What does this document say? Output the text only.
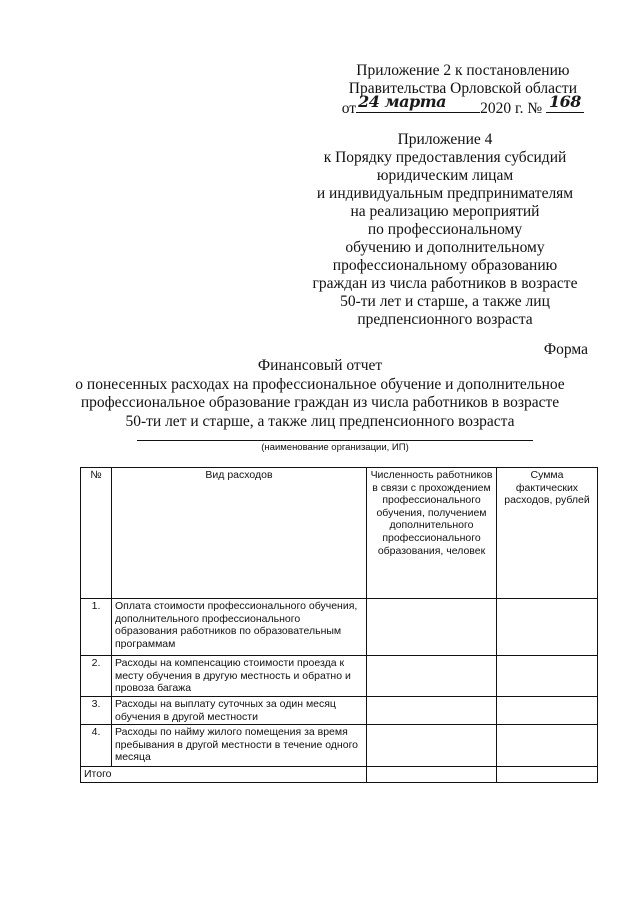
Приложение 2 к постановлению
Правительства Орловской области
от 24 марта 2020 г. № 168
Приложение 4
к Порядку предоставления субсидий
юридическим лицам
и индивидуальным предпринимателям
на реализацию мероприятий
по профессиональному
обучению и дополнительному
профессиональному образованию
граждан из числа работников в возрасте
50-ти лет и старше, а также лиц
предпенсионного возраста
Форма
Финансовый отчет
о понесенных расходах на профессиональное обучение и дополнительное
профессиональное образование граждан из числа работников в возрасте
50-ти лет и старше, а также лиц предпенсионного возраста
(наименование организации, ИП)
№	Вид расходов	Численность работников в связи с прохождением профессионального обучения, получением дополнительного профессионального образования, человек	Сумма фактических расходов, рублей
1.	Оплата стоимости профессионального обучения, дополнительного профессионального образования работников по образовательным программам		
2.	Расходы на компенсацию стоимости проезда к месту обучения в другую местность и обратно и провоза багажа		
3.	Расходы на выплату суточных за один месяц обучения в другой местности		
4.	Расходы по найму жилого помещения за время пребывания в другой местности в течение одного месяца		
Итого			
